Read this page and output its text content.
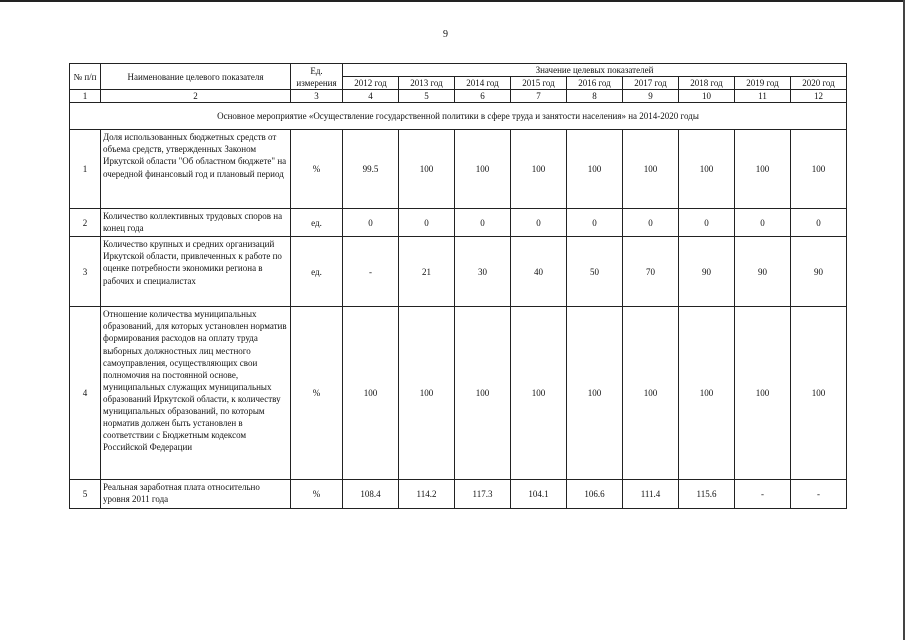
9
№ п/п	Наименование целевого показателя	Ед. измерения	Значение целевых показателей								
			2012 год	2013 год	2014 год	2015 год	2016 год	2017 год	2018 год	2019 год	2020 год
1	2	3	4	5	6	7	8	9	10	11	12
Основное мероприятие «Осуществление государственной политики в сфере труда и занятости населения» на 2014-2020 годы											
1	Доля использованных бюджетных средств от объема средств, утвержденных Законом Иркутской области "Об областном бюджете" на очередной финансовый год и плановый период	%	99.5	100	100	100	100	100	100	100	100
2	Количество коллективных трудовых споров на конец года	ед.	0	0	0	0	0	0	0	0	0
3	Количество крупных и средних организаций Иркутской области, привлеченных к работе по оценке потребности экономики региона в рабочих и специалистах	ед.	-	21	30	40	50	70	90	90	90
4	Отношение количества муниципальных образований, для которых установлен норматив формирования расходов на оплату труда выборных должностных лиц местного самоуправления, осуществляющих свои полномочия на постоянной основе, муниципальных служащих муниципальных образований Иркутской области, к количеству муниципальных образований, по которым норматив должен быть установлен в соответствии с Бюджетным кодексом Российской Федерации	%	100	100	100	100	100	100	100	100	100
5	Реальная заработная плата относительно уровня 2011 года	%	108.4	114.2	117.3	104.1	106.6	111.4	115.6	-	-
